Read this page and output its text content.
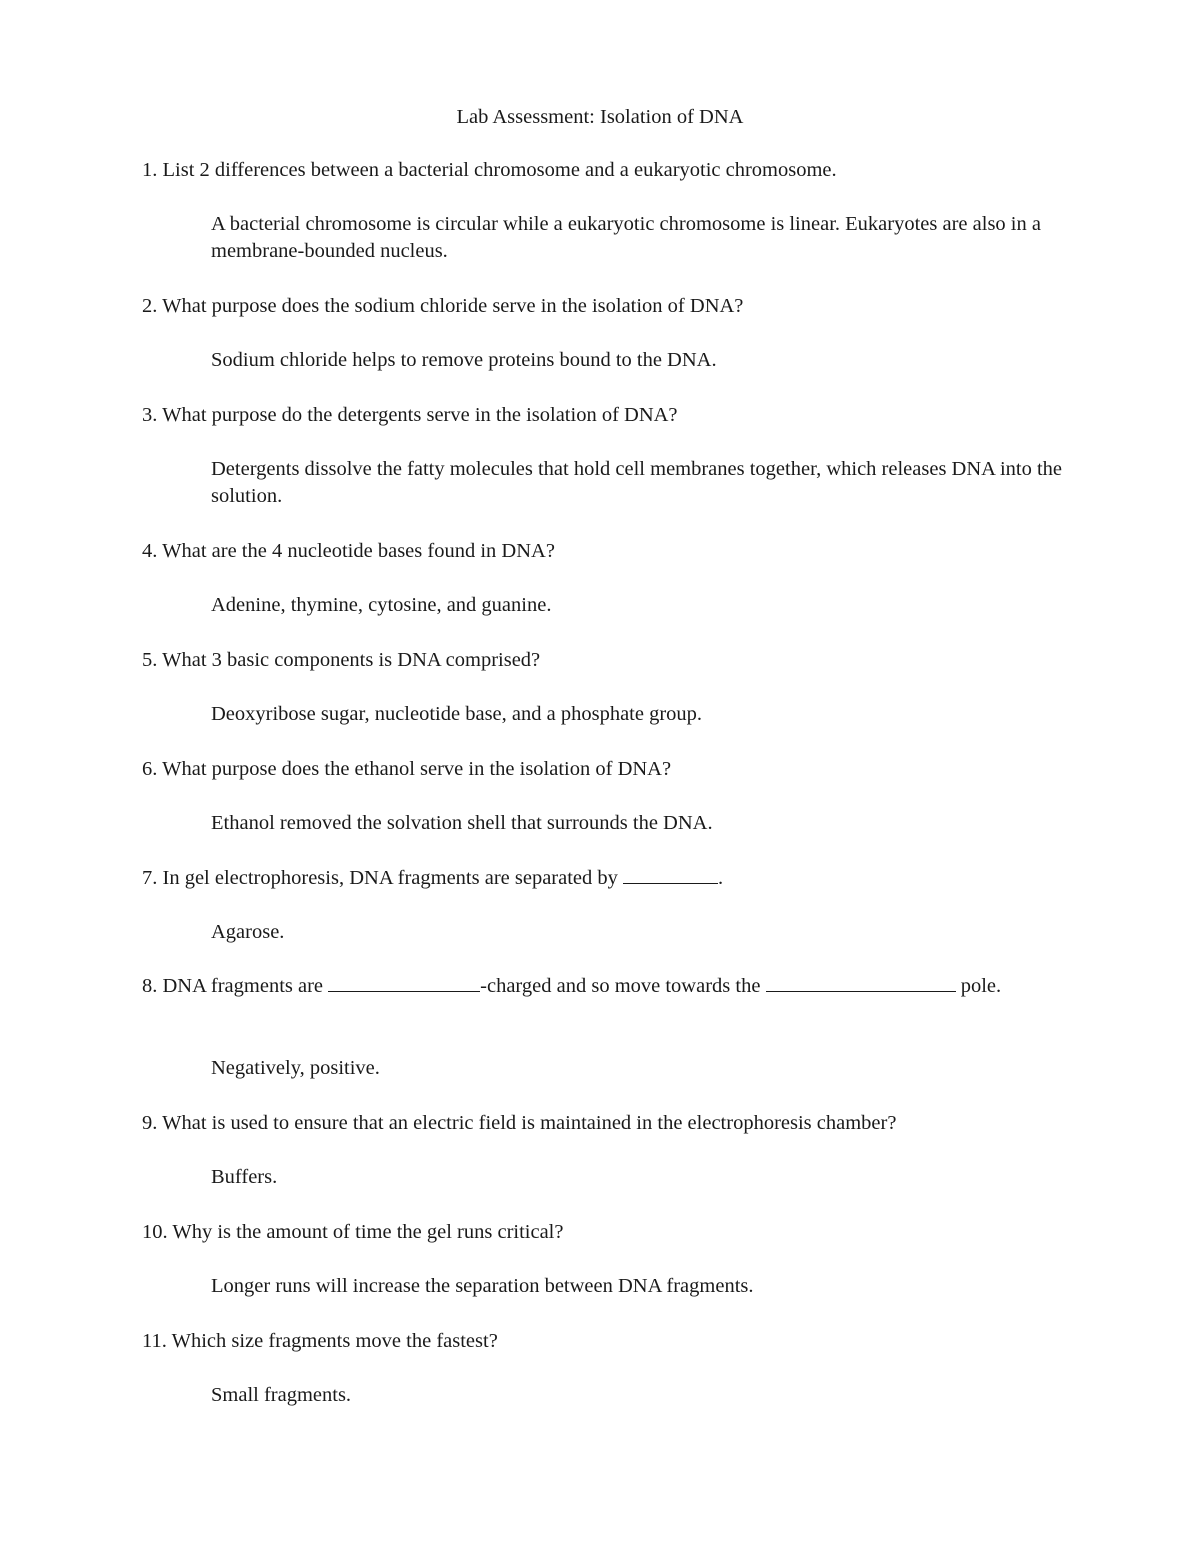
Lab Assessment: Isolation of DNA
1. List 2 differences between a bacterial chromosome and a eukaryotic chromosome.
A bacterial chromosome is circular while a eukaryotic chromosome is linear. Eukaryotes are also in a membrane-bounded nucleus.
2. What purpose does the sodium chloride serve in the isolation of DNA?
Sodium chloride helps to remove proteins bound to the DNA.
3. What purpose do the detergents serve in the isolation of DNA?
Detergents dissolve the fatty molecules that hold cell membranes together, which releases DNA into the solution.
4. What are the 4 nucleotide bases found in DNA?
Adenine, thymine, cytosine, and guanine.
5. What 3 basic components is DNA comprised?
Deoxyribose sugar, nucleotide base, and a phosphate group.
6. What purpose does the ethanol serve in the isolation of DNA?
Ethanol removed the solvation shell that surrounds the DNA.
7. In gel electrophoresis, DNA fragments are separated by	.
Agarose.
8. DNA fragments are	-charged and so move towards the	pole.
Negatively, positive.
9. What is used to ensure that an electric field is maintained in the electrophoresis chamber?
Buffers.
10. Why is the amount of time the gel runs critical?
Longer runs will increase the separation between DNA fragments.
11. Which size fragments move the fastest?
Small fragments.
